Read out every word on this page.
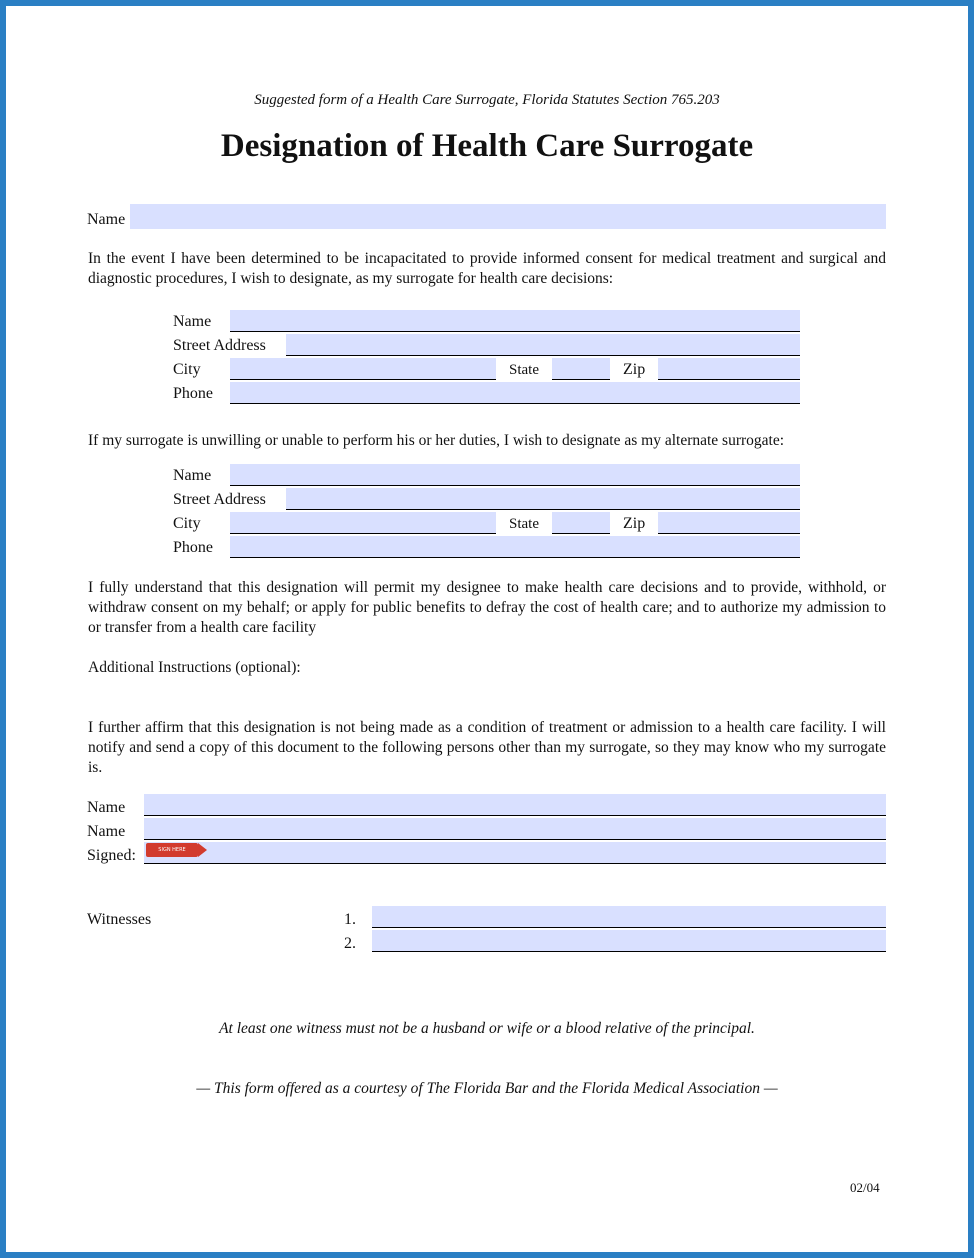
Suggested form of a Health Care Surrogate, Florida Statutes Section 765.203
Designation of Health Care Surrogate
Name
In the event I have been determined to be incapacitated to provide informed consent for medical treatment and surgical and diagnostic procedures, I wish to designate, as my surrogate for health care decisions:
Name
Street Address
City	State	Zip
Phone
If my surrogate is unwilling or unable to perform his or her duties, I wish to designate as my alternate surrogate:
Name
Street Address
City	State	Zip
Phone
I fully understand that this designation will permit my designee to make health care decisions and to provide, withhold, or withdraw consent on my behalf; or apply for public benefits to defray the cost of health care; and to authorize my admission to or transfer from a health care facility
Additional Instructions (optional):
I further affirm that this designation is not being made as a condition of treatment or admission to a health care facility. I will notify and send a copy of this document to the following persons other than my surrogate, so they may know who my surrogate is.
Name
Name
Signed:	SIGN HERE
Witnesses	1.
2.
At least one witness must not be a husband or wife or a blood relative of the principal.
— This form offered as a courtesy of The Florida Bar and the Florida Medical Association —
02/04
